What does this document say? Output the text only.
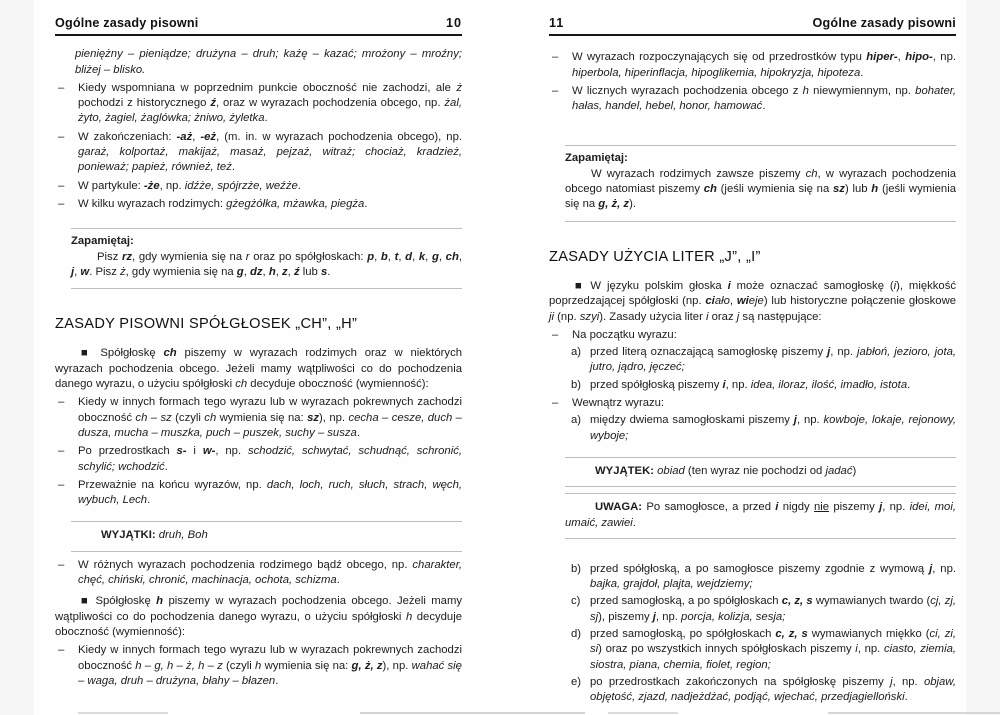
Ogólne zasady pisowni	10
pieniężny – pieniądze; drużyna – druh; każę – kazać; mrożony – mroźny; bliżej – blisko.
–	Kiedy wspomniana w poprzednim punkcie oboczność nie zachodzi, ale ż pochodzi z historycznego ź, oraz w wyrazach pochodzenia obcego, np. żal, żyto, żagiel, żaglówka; żniwo, żyletka.
–	W zakończeniach: -aż, -eż, (m. in. w wyrazach pochodzenia obcego), np. garaż, kolportaż, makijaż, masaż, pejzaż, witraż; chociaż, kradzież, ponieważ; papież, również, też.
–	W partykule: -że, np. idźże, spójrzże, weźże.
–	W kilku wyrazach rodzimych: gżegżółka, mżawka, piegża.
Zapamiętaj:
Pisz rz, gdy wymienia się na r oraz po spółgłoskach: p, b, t, d, k, g, ch, j, w. Pisz ż, gdy wymienia się na g, dz, h, z, ź lub s.
ZASADY PISOWNI SPÓŁGŁOSEK „CH”, „H”
■ Spółgłoskę ch piszemy w wyrazach rodzimych oraz w niektórych wyrazach pochodzenia obcego. Jeżeli mamy wątpliwości co do pochodzenia danego wyrazu, o użyciu spółgłoski ch decyduje oboczność (wymienność):
–	Kiedy w innych formach tego wyrazu lub w wyrazach pokrewnych zachodzi oboczność ch – sz (czyli ch wymienia się na: sz), np. cecha – cesze, duch – dusza, mucha – muszka, puch – puszek, suchy – susza.
–	Po przedrostkach s- i w-, np. schodzić, schwytać, schudnąć, schronić, schylić; wchodzić.
–	Przeważnie na końcu wyrazów, np. dach, loch, ruch, słuch, strach, węch, wybuch, Lech.
WYJĄTKI: druh, Boh
–	W różnych wyrazach pochodzenia rodzimego bądź obcego, np. charakter, chęć, chiński, chronić, machinacja, ochota, schizma.
■ Spółgłoskę h piszemy w wyrazach pochodzenia obcego. Jeżeli mamy wątpliwości co do pochodzenia danego wyrazu, o użyciu spółgłoski h decyduje oboczność (wymienność):
–	Kiedy w innych formach tego wyrazu lub w wyrazach pokrewnych zachodzi oboczność h – g, h – ż, h – z (czyli h wymienia się na: g, ż, z), np. wahać się – waga, druh – drużyna, błahy – błazen.
11	Ogólne zasady pisowni
–	W wyrazach rozpoczynających się od przedrostków typu hiper-, hipo-, np. hiperbola, hiperinflacja, hipoglikemia, hipokryzja, hipoteza.
–	W licznych wyrazach pochodzenia obcego z h niewymiennym, np. bohater, hałas, handel, hebel, honor, hamować.
Zapamiętaj:
W wyrazach rodzimych zawsze piszemy ch, w wyrazach pochodzenia obcego natomiast piszemy ch (jeśli wymienia się na sz) lub h (jeśli wymienia się na g, ż, z).
ZASADY UŻYCIA LITER „J”, „I”
■ W języku polskim głoska i może oznaczać samogłoskę (i), miękkość poprzedzającej spółgłoski (np. ciało, wieje) lub historyczne połączenie głoskowe ji (np. szyi). Zasady użycia liter i oraz j są następujące:
–	Na początku wyrazu:
a) przed literą oznaczającą samogłoskę piszemy j, np. jabłoń, jezioro, jota, jutro, jądro, jęczeć;
b) przed spółgłoską piszemy i, np. idea, iloraz, ilość, imadło, istota.
–	Wewnątrz wyrazu:
a) między dwiema samogłoskami piszemy j, np. kowboje, lokaje, rejonowy, wyboje;
WYJĄTEK: obiad (ten wyraz nie pochodzi od jadać)
UWAGA: Po samogłosce, a przed i nigdy nie piszemy j, np. idei, moi, umaić, zawiei.
b) przed spółgłoską, a po samogłosce piszemy zgodnie z wymową j, np. bajka, grajdoł, plajta, wejdziemy;
c) przed samogłoską, a po spółgłoskach c, z, s wymawianych twardo (cj, zj, sj), piszemy j, np. porcja, kolizja, sesja;
d) przed samogłoską, po spółgłoskach c, z, s wymawianych miękko (ci, zi, si) oraz po wszystkich innych spółgłoskach piszemy i, np. ciasto, ziemia, siostra, piana, chemia, fiolet, region;
e) po przedrostkach zakończonych na spółgłoskę piszemy j, np. objaw, objętość, zjazd, nadjeżdżać, podjąć, wjechać, przedjagielloński.
